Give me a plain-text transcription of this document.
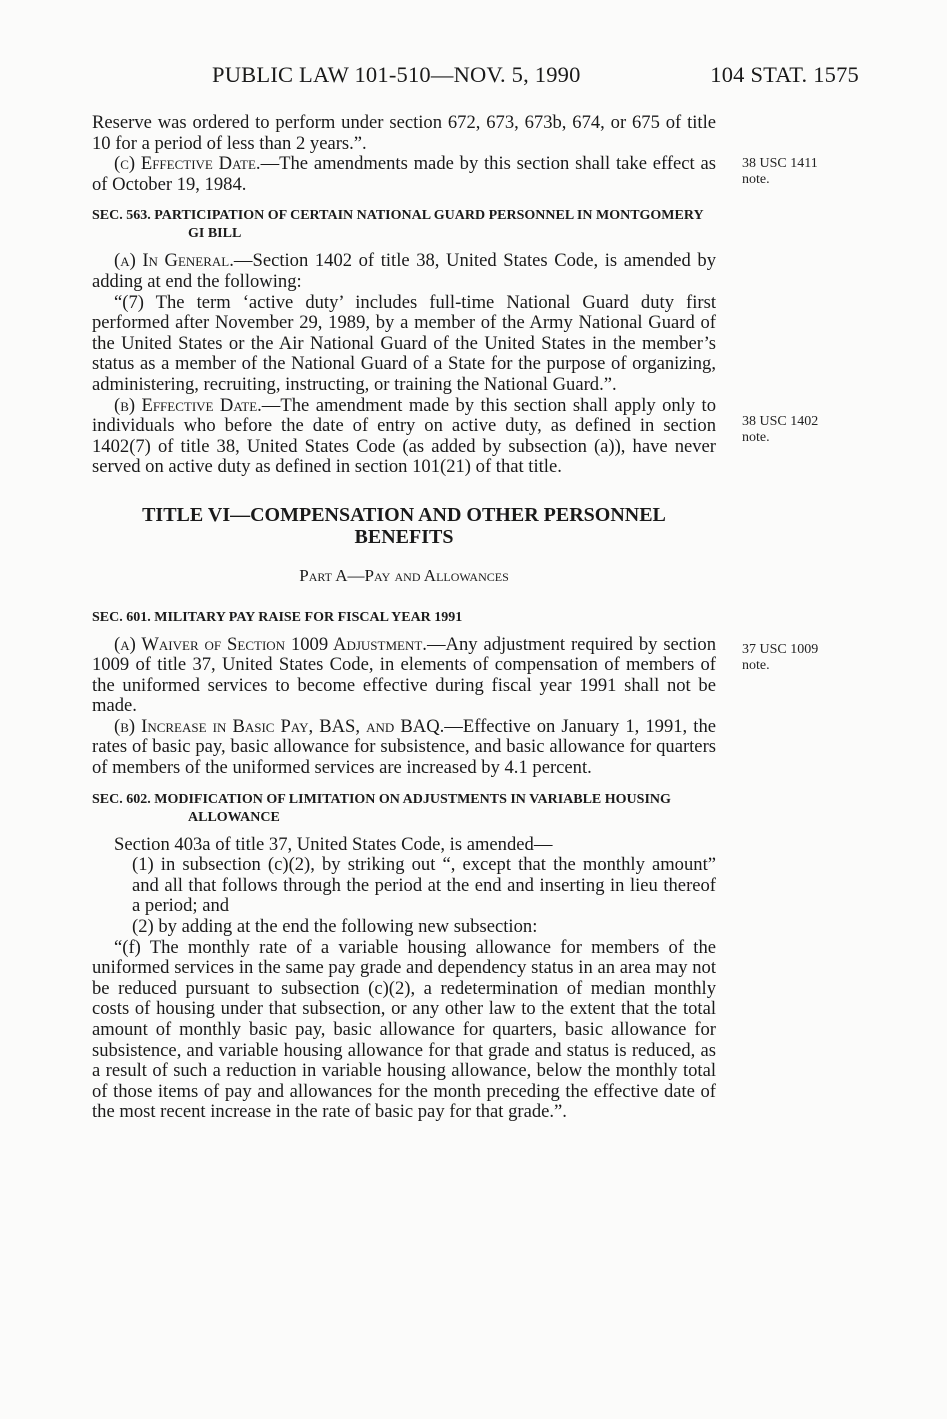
PUBLIC LAW 101-510—NOV. 5, 1990	104 STAT. 1575
38 USC 1411
note.
38 USC 1402
note.
37 USC 1009
note.

Reserve was ordered to perform under section 672, 673, 673b, 674, or 675 of title 10 for a period of less than 2 years.”.

(c) Effective Date.—The amendments made by this section shall take effect as of October 19, 1984.

SEC. 563. PARTICIPATION OF CERTAIN NATIONAL GUARD PERSONNEL IN MONTGOMERY GI BILL

(a) In General.—Section 1402 of title 38, United States Code, is amended by adding at end the following:

“(7) The term ‘active duty’ includes full-time National Guard duty first performed after November 29, 1989, by a member of the Army National Guard of the United States or the Air National Guard of the United States in the member’s status as a member of the National Guard of a State for the purpose of organizing, administering, recruiting, instructing, or training the National Guard.”.

(b) Effective Date.—The amendment made by this section shall apply only to individuals who before the date of entry on active duty, as defined in section 1402(7) of title 38, United States Code (as added by subsection (a)), have never served on active duty as defined in section 101(21) of that title.

TITLE VI—COMPENSATION AND OTHER PERSONNEL BENEFITS

Part A—Pay and Allowances

SEC. 601. MILITARY PAY RAISE FOR FISCAL YEAR 1991

(a) Waiver of Section 1009 Adjustment.—Any adjustment required by section 1009 of title 37, United States Code, in elements of compensation of members of the uniformed services to become effective during fiscal year 1991 shall not be made.

(b) Increase in Basic Pay, BAS, and BAQ.—Effective on January 1, 1991, the rates of basic pay, basic allowance for subsistence, and basic allowance for quarters of members of the uniformed services are increased by 4.1 percent.

SEC. 602. MODIFICATION OF LIMITATION ON ADJUSTMENTS IN VARIABLE HOUSING ALLOWANCE

Section 403a of title 37, United States Code, is amended—

(1) in subsection (c)(2), by striking out “, except that the monthly amount” and all that follows through the period at the end and inserting in lieu thereof a period; and

(2) by adding at the end the following new subsection:

“(f) The monthly rate of a variable housing allowance for members of the uniformed services in the same pay grade and dependency status in an area may not be reduced pursuant to subsection (c)(2), a redetermination of median monthly costs of housing under that subsection, or any other law to the extent that the total amount of monthly basic pay, basic allowance for quarters, basic allowance for subsistence, and variable housing allowance for that grade and status is reduced, as a result of such a reduction in variable housing allowance, below the monthly total of those items of pay and allowances for the month preceding the effective date of the most recent increase in the rate of basic pay for that grade.”.
